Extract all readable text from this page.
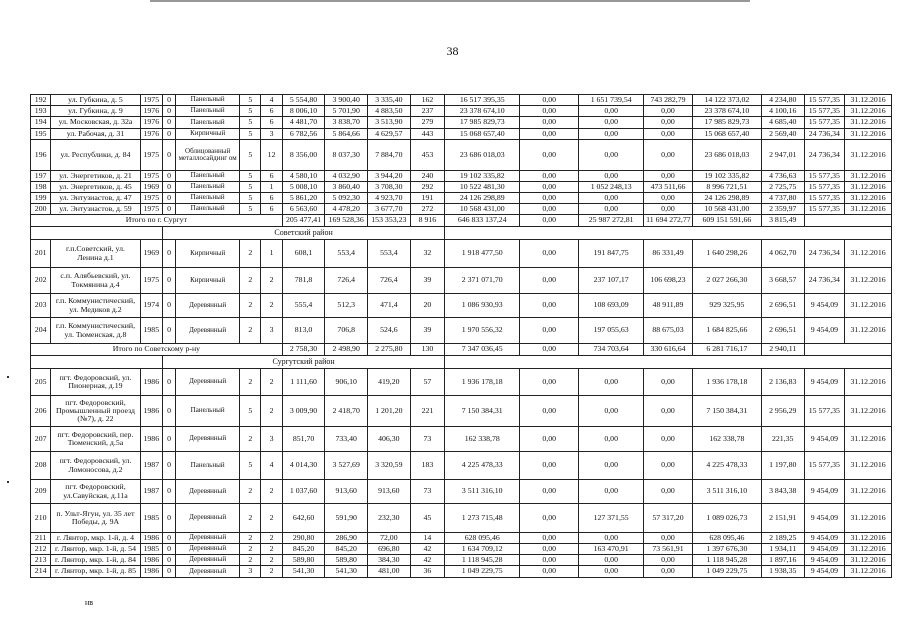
38
192	ул. Губкина, д. 5	1975	0	Панельный	5	4	5 554,80	3 900,40	3 335,40	162	16 517 395,35	0,00	1 651 739,54	743 282,79	14 122 373,02	4 234,80	15 577,35	31.12.2016
193	ул. Губкина, д. 9	1976	0	Панельный	5	6	8 006,10	5 701,90	4 883,50	237	23 378 674,10	0,00	0,00	0,00	23 378 674,10	4 100,16	15 577,35	31.12.2016
194	ул. Московская, д. 32а	1976	0	Панельный	5	6	4 481,70	3 838,70	3 513,90	279	17 985 829,73	0,00	0,00	0,00	17 985 829,73	4 685,40	15 577,35	31.12.2016
195	ул. Рабочая, д. 31	1976	0	Кирпичный	5	3	6 782,56	5 864,66	4 629,57	443	15 068 657,40	0,00	0,00	0,00	15 068 657,40	2 569,40	24 736,34	31.12.2016
196	ул. Республики, д. 84	1975	0	Облицованный металлосайдинг ом	5	12	8 356,00	8 037,30	7 884,70	453	23 686 018,03	0,00	0,00	0,00	23 686 018,03	2 947,01	24 736,34	31.12.2016
197	ул. Энергетиков, д. 21	1975	0	Панельный	5	6	4 580,10	4 032,90	3 944,20	240	19 102 335,82	0,00	0,00	0,00	19 102 335,82	4 736,63	15 577,35	31.12.2016
198	ул. Энергетиков, д. 45	1969	0	Панельный	5	1	5 008,10	3 860,40	3 708,30	292	10 522 481,30	0,00	1 052 248,13	473 511,66	8 996 721,51	2 725,75	15 577,35	31.12.2016
199	ул. Энтузиастов, д. 47	1975	0	Панельный	5	6	5 861,20	5 092,30	4 923,70	191	24 126 298,89	0,00	0,00	0,00	24 126 298,89	4 737,80	15 577,35	31.12.2016
200	ул. Энтузиастов, д. 59	1975	0	Панельный	5	6	6 563,60	4 478,20	3 677,70	272	10 568 431,00	0,00	0,00	0,00	10 568 431,00	2 359,97	15 577,35	31.12.2016
Итого по г. Сургут							205 477,41	169 528,36	153 353,23	8 916	646 833 137,24	0,00	25 987 272,81	11 694 272,77	609 151 591,66	3 815,49		
			Советский район															
201	г.п.Советский, ул. Ленина д.1	1969	0	Кирпичный	2	1	608,1	553,4	553,4	32	1 918 477,50	0,00	191 847,75	86 331,49	1 640 298,26	4 062,70	24 736,34	31.12.2016
202	с.п. Алябьевский, ул. Токмянина д.4	1975	0	Кирпичный	2	2	781,8	726,4	726,4	39	2 371 071,70	0,00	237 107,17	106 698,23	2 027 266,30	3 668,57	24 736,34	31.12.2016
203	г.п. Коммунистический, ул. Медиков д.2	1974	0	Деревянный	2	2	555,4	512,3	471,4	20	1 086 930,93	0,00	108 693,09	48 911,89	929 325,95	2 696,51	9 454,09	31.12.2016
204	г.п. Коммунистический, ул. Тюменская, д.8	1985	0	Деревянный	2	3	813,0	706,8	524,6	39	1 970 556,32	0,00	197 055,63	88 675,03	1 684 825,66	2 696,51	9 454,09	31.12.2016
Итого по Советскому р-ну							2 758,30	2 498,90	2 275,80	130	7 347 036,45	0,00	734 703,64	330 616,64	6 281 716,17	2 940,11		
			Сургутский район															
205	пгт. Федоровский, ул. Пионерная, д.19	1986	0	Деревянный	2	2	1 111,60	906,10	419,20	57	1 936 178,18	0,00	0,00	0,00	1 936 178,18	2 136,83	9 454,09	31.12.2016
206	пгт. Федоровский, Промышленный проезд (№7), д. 22	1986	0	Панельный	5	2	3 009,90	2 418,70	1 201,20	221	7 150 384,31	0,00	0,00	0,00	7 150 384,31	2 956,29	15 577,35	31.12.2016
207	пгт. Федоровский, пер. Тюменский, д.5а	1986	0	Деревянный	2	3	851,70	733,40	406,30	73	162 338,78	0,00	0,00	0,00	162 338,78	221,35	9 454,09	31.12.2016
208	пгт. Федоровский, ул. Ломоносова, д.2	1987	0	Панельный	5	4	4 014,30	3 527,69	3 320,59	183	4 225 478,33	0,00	0,00	0,00	4 225 478,33	1 197,80	15 577,35	31.12.2016
209	пгт. Федоровский, ул.Савуйская, д.11а	1987	0	Деревянный	2	2	1 037,60	913,60	913,60	73	3 511 316,10	0,00	0,00	0,00	3 511 316,10	3 843,38	9 454,09	31.12.2016
210	п. Ульт-Ягун, ул. 35 лет Победы, д. 9А	1985	0	Деревянный	2	2	642,60	591,90	232,30	45	1 273 715,48	0,00	127 371,55	57 317,20	1 089 026,73	2 151,91	9 454,09	31.12.2016
211	г. Лянтор, мкр. 1-й, д. 4	1986	0	Деревянный	2	2	290,80	286,90	72,00	14	628 095,46	0,00	0,00	0,00	628 095,46	2 189,25	9 454,09	31.12.2016
212	г. Лянтор, мкр. 1-й, д. 54	1985	0	Деревянный	2	2	845,20	845,20	696,80	42	1 634 709,12	0,00	163 470,91	73 561,91	1 397 676,30	1 934,11	9 454,09	31.12.2016
213	г. Лянтор, мкр. 1-й, д. 84	1986	0	Деревянный	2	2	589,80	589,80	384,30	42	1 118 945,28	0,00	0,00	0,00	1 118 945,28	1 897,16	9 454,09	31.12.2016
214	г. Лянтор, мкр. 1-й, д. 85	1986	0	Деревянный	3	2	541,30	541,30	481,00	36	1 049 229,75	0,00	0,00	0,00	1 049 229,75	1 938,35	9 454,09	31.12.2016
нв
